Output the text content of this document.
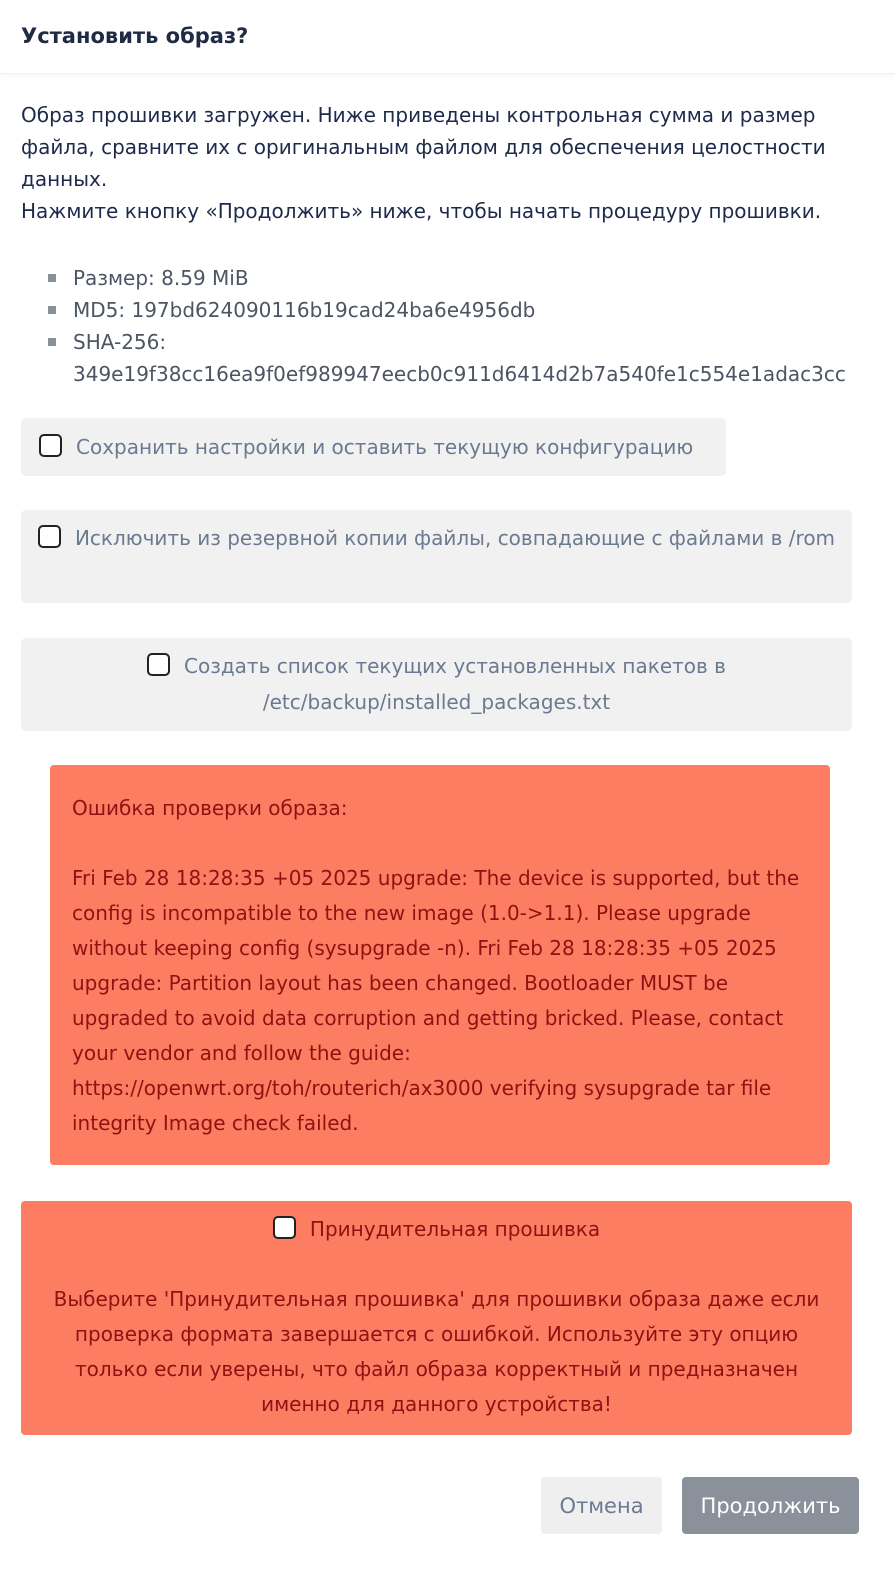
Установить образ?

Образ прошивки загружен. Ниже приведены контрольная сумма и размер файла, сравните их с оригинальным файлом для обеспечения целостности данных.

Нажмите кнопку «Продолжить» ниже, чтобы начать процедуру прошивки.

Размер: 8.59 MiB
MD5: 197bd624090116b19cad24ba6e4956db
SHA-256:
349e19f38cc16ea9f0ef989947eecb0c911d6414d2b7a540fe1c554e1adac3cc
Сохранить настройки и оставить текущую конфигурацию
Исключить из резервной копии файлы, совпадающие с файлами в /rom
Создать список текущих установленных пакетов в /etc/backup/installed_packages.txt
Ошибка проверки образа:
Fri Feb 28 18:28:35 +05 2025 upgrade: The device is supported, but the config is incompatible to the new image (1.0->1.1). Please upgrade without keeping config (sysupgrade -n). Fri Feb 28 18:28:35 +05 2025 upgrade: Partition layout has been changed. Bootloader MUST be upgraded to avoid data corruption and getting bricked. Please, contact your vendor and follow the guide: https://openwrt.org/toh/routerich/ax3000 verifying sysupgrade tar file integrity Image check failed.
Принудительная прошивка
Выберите 'Принудительная прошивка' для прошивки образа даже если проверка формата завершается с ошибкой. Используйте эту опцию только если уверены, что файл образа корректный и предназначен именно для данного устройства!
Отмена	Продолжить
